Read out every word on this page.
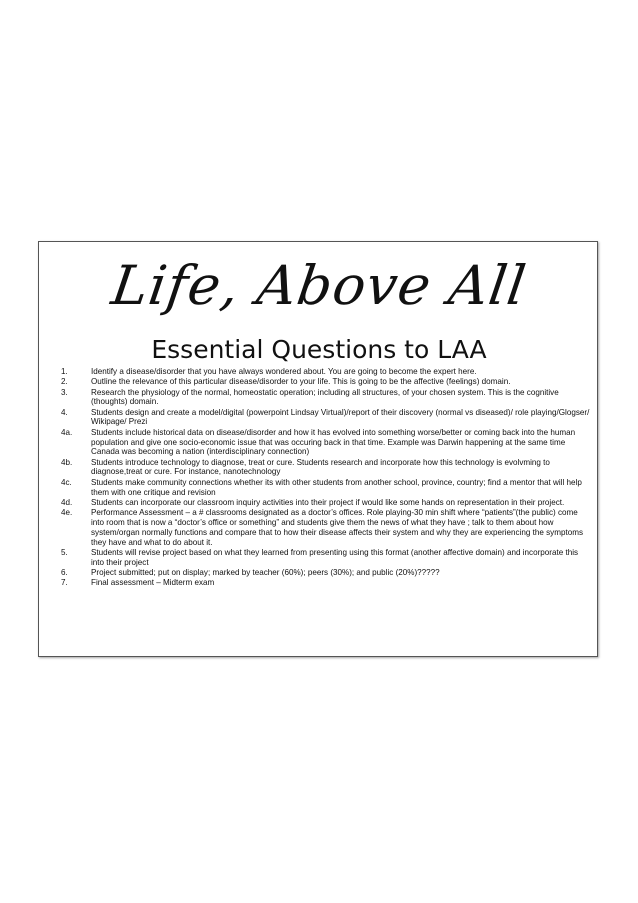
Life, Above All
Essential Questions to LAA
1.	Identify a disease/disorder that you have always wondered about. You are going to become the expert here.
2.	Outline the relevance of this particular disease/disorder to your life. This is going to be the affective (feelings) domain.
3.	Research the physiology of the normal, homeostatic operation; including all structures, of your chosen system. This is the cognitive (thoughts) domain.
4.	Students design and create a model/digital (powerpoint Lindsay Virtual)/report of their discovery (normal vs diseased)/ role playing/Glogser/ Wikipage/ Prezi
4a.	Students include historical data on disease/disorder and how it has evolved into something worse/better or coming back into the human population and give one socio-economic issue that was occuring back in that time. Example was Darwin happening at the same time Canada was becoming a nation (interdisciplinary connection)
4b.	Students introduce technology to diagnose, treat or cure. Students research and incorporate how this technology is evolvming to diagnose,treat or cure. For instance, nanotechnology
4c.	Students make community connections whether its with other students from another school, province, country; find a mentor that will help them with one critique and revision
4d.	Students can incorporate our classroom inquiry activities into their project if would like some hands on representation in their project.
4e.	Performance Assessment – a # classrooms designated as a doctor’s offices. Role playing-30 min shift where “patients”(the public) come into room that is now a “doctor’s office or something” and students give them the news of what they have ; talk to them about how system/organ normally functions and compare that to how their disease affects their system and why they are experiencing the symptoms they have and what to do about it.
5.	Students will revise project based on what they learned from presenting using this format (another affective domain) and incorporate this into their project
6.	Project submitted; put on display; marked by teacher (60%); peers (30%); and public (20%)?????
7.	Final assessment – Midterm exam
